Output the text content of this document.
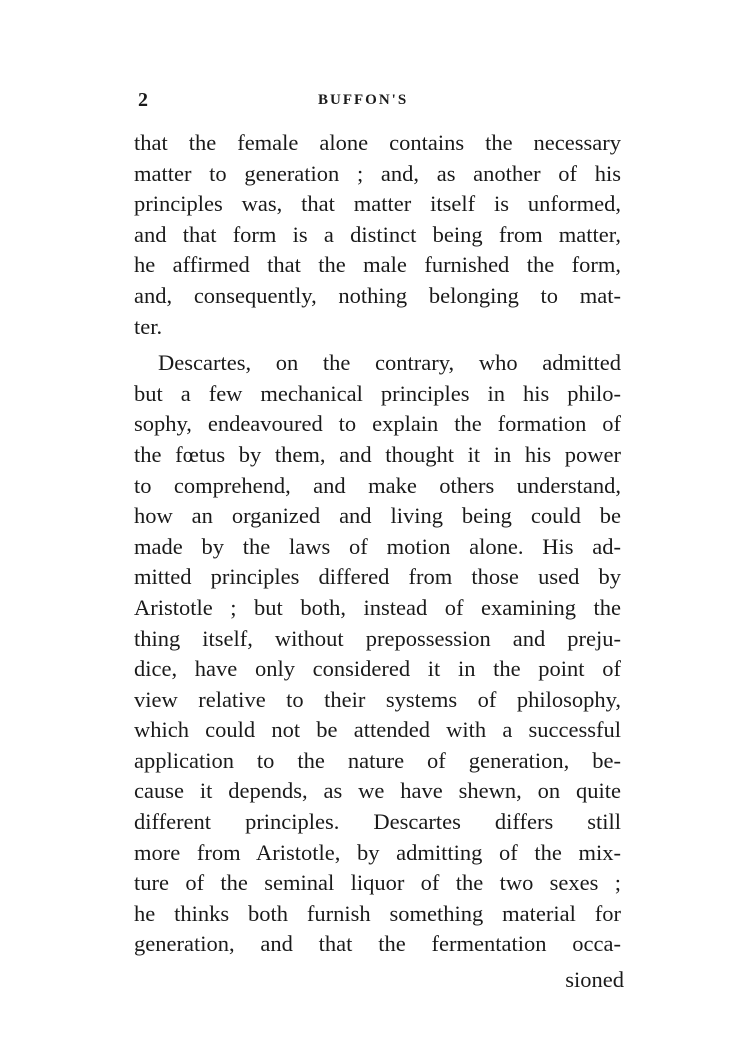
2	BUFFON'S
that the female alone contains the necessary
matter to generation ; and, as another of his
principles was, that matter itself is unformed,
and that form is a distinct being from matter,
he affirmed that the male furnished the form,
and, consequently, nothing belonging to mat-
ter.
Descartes, on the contrary, who admitted
but a few mechanical principles in his philo-
sophy, endeavoured to explain the formation of
the fœtus by them, and thought it in his power
to comprehend, and make others understand,
how an organized and living being could be
made by the laws of motion alone. His ad-
mitted principles differed from those used by
Aristotle ; but both, instead of examining the
thing itself, without prepossession and preju-
dice, have only considered it in the point of
view relative to their systems of philosophy,
which could not be attended with a successful
application to the nature of generation, be-
cause it depends, as we have shewn, on quite
different principles. Descartes differs still
more from Aristotle, by admitting of the mix-
ture of the seminal liquor of the two sexes ;
he thinks both furnish something material for
generation, and that the fermentation occa-
sioned
